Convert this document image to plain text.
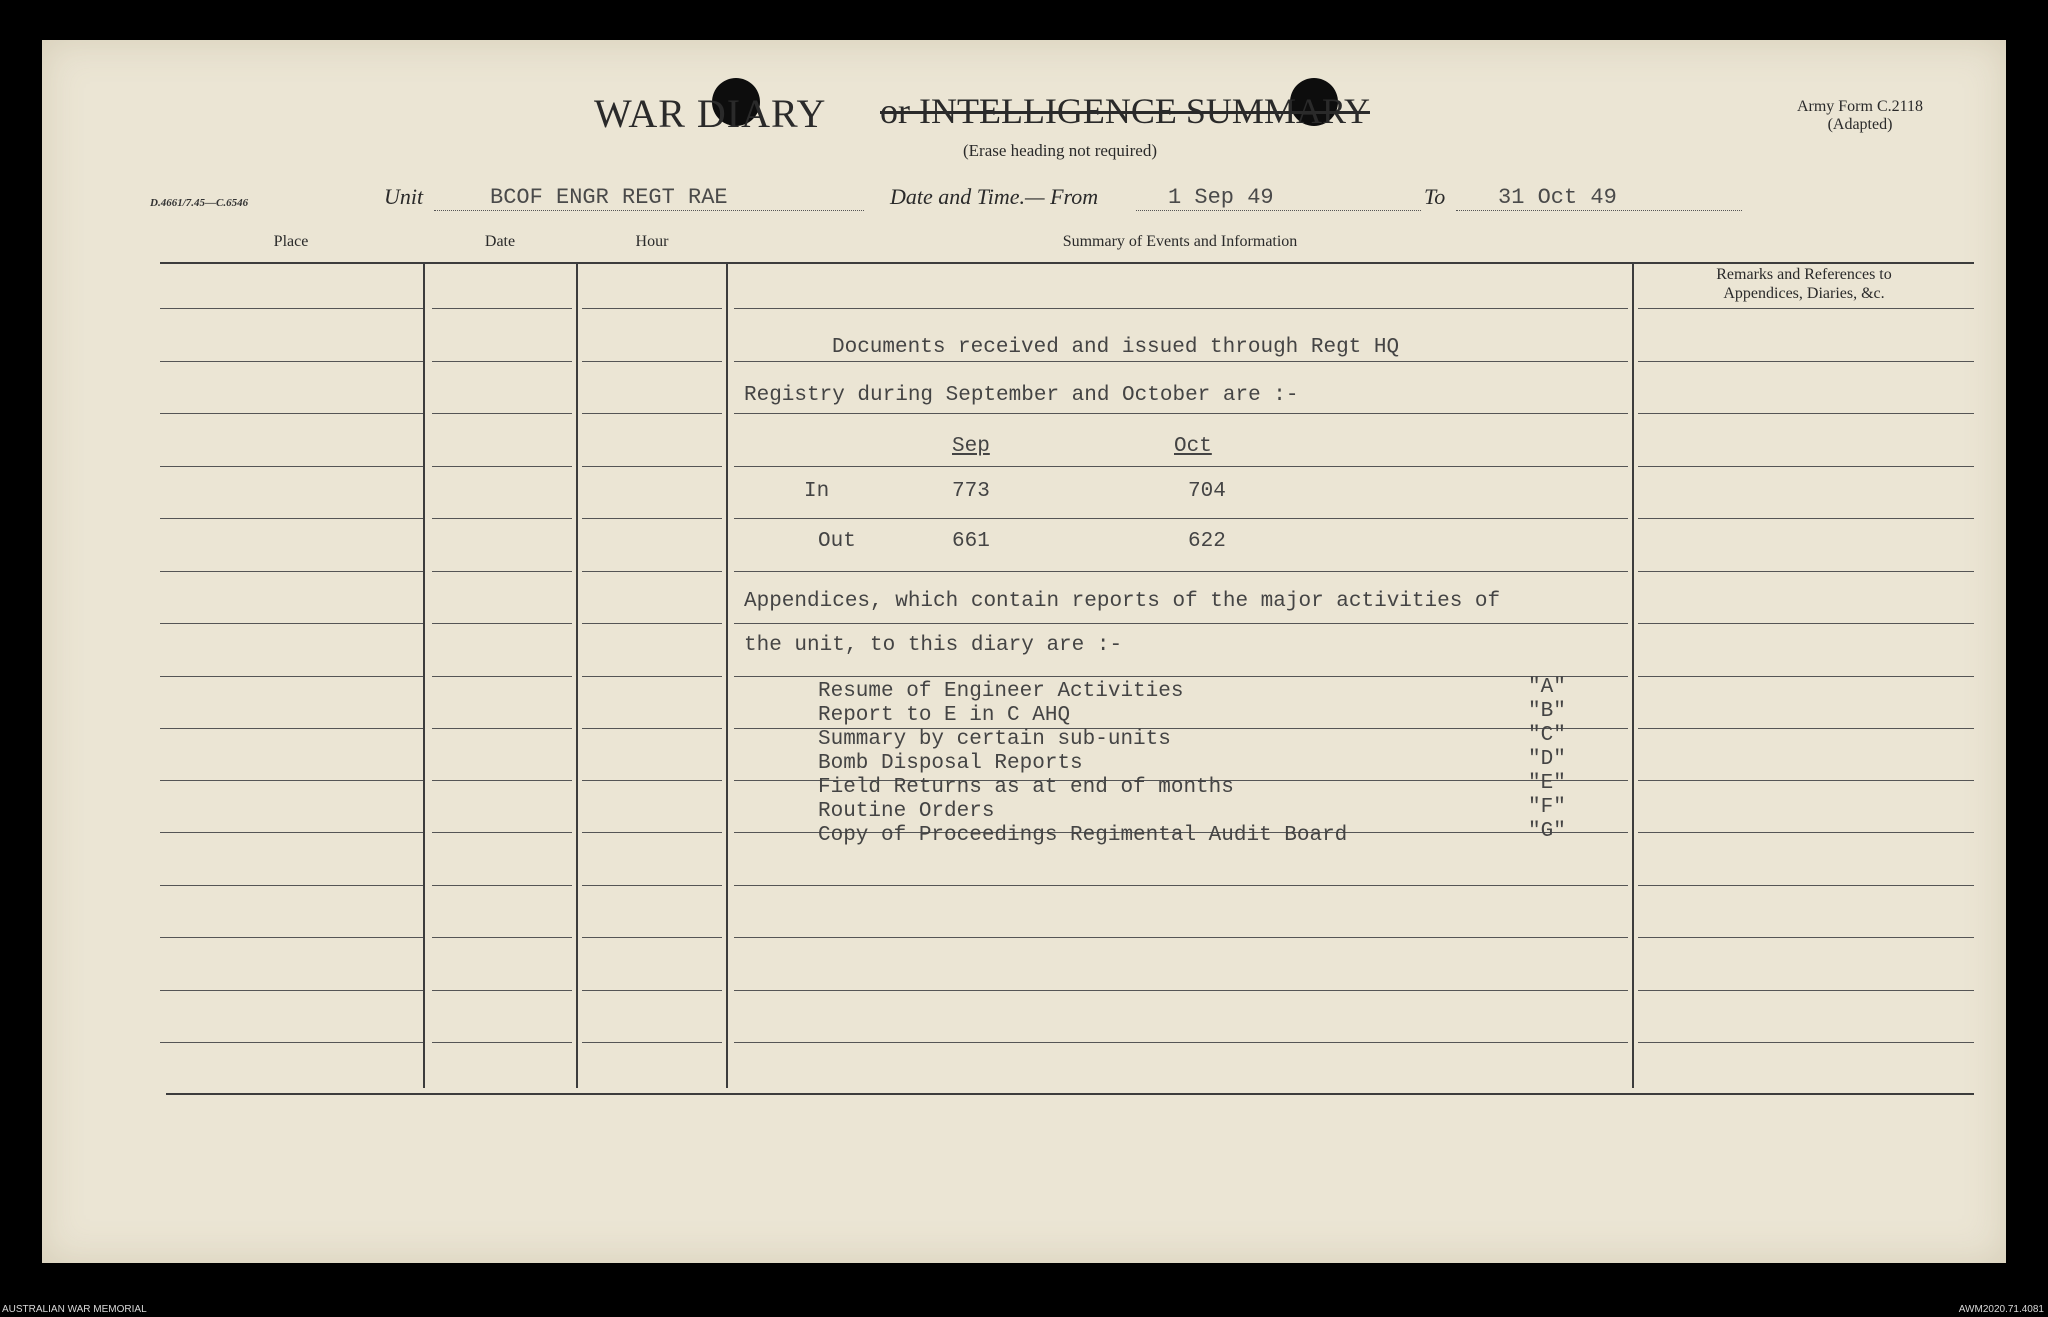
WAR DIARY or INTELLIGENCE SUMMARY
(Erase heading not required)
Army Form C.2118
(Adapted)
D.4661/7.45—C.6546	Unit	BCOF ENGR REGT RAE	Date and Time.— From	1 Sep 49	To	31 Oct 49
Place	Date	Hour	Summary of Events and Information
Remarks and References to
Appendices, Diaries, &c.
Documents received and issued through Regt HQ
Registry during September and October are :-
Sep	Oct
In	773	704
Out	661	622
Appendices, which contain reports of the major activities of
the unit, to this diary are :-
Resume of Engineer Activities	"A"
Report to E in C AHQ	"B"
Summary by certain sub-units	"C"
Bomb Disposal Reports	"D"
Field Returns as at end of months	"E"
Routine Orders	"F"
Copy of Proceedings Regimental Audit Board	"G"
AUSTRALIAN WAR MEMORIAL	AWM2020.71.4081
